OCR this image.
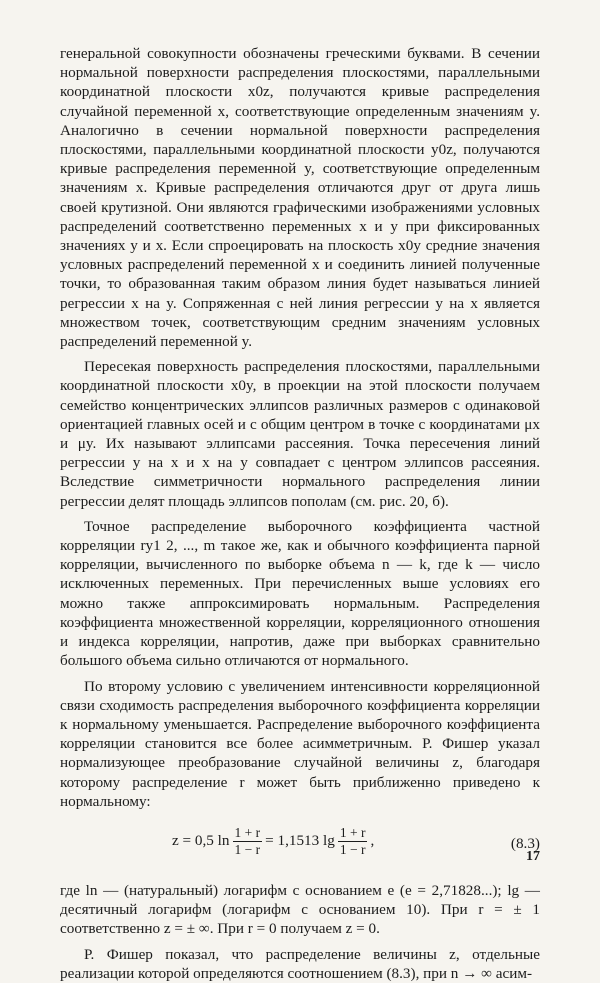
генеральной совокупности обозначены греческими буквами. В сечении нормальной поверхности распределения плоскостями, параллельными координатной плоскости x0z, получаются кривые распределения случайной переменной x, соответствующие определенным значениям y. Аналогично в сечении нормальной поверхности распределения плоскостями, параллельными координатной плоскости y0z, получаются кривые распределения переменной y, соответствующие определенным значениям x. Кривые распределения отличаются друг от друга лишь своей крутизной. Они являются графическими изображениями условных распределений соответственно переменных x и y при фиксированных значениях y и x. Если спроецировать на плоскость x0y средние значения условных распределений переменной x и соединить линией полученные точки, то образованная таким образом линия будет называться линией регрессии x на y. Сопряженная с ней линия регрессии y на x является множеством точек, соответствующим средним значениям условных распределений переменной y.

Пересекая поверхность распределения плоскостями, параллельными координатной плоскости x0y, в проекции на этой плоскости получаем семейство концентрических эллипсов различных размеров с одинаковой ориентацией главных осей и с общим центром в точке с координатами μx и μy. Их называют эллипсами рассеяния. Точка пересечения линий регрессии y на x и x на y совпадает с центром эллипсов рассеяния. Вследствие симметричности нормального распределения линии регрессии делят площадь эллипсов пополам (см. рис. 20, б).

Точное распределение выборочного коэффициента частной корреляции ry1 2, ..., m такое же, как и обычного коэффициента парной корреляции, вычисленного по выборке объема n — k, где k — число исключенных переменных. При перечисленных выше условиях его можно также аппроксимировать нормальным. Распределения коэффициента множественной корреляции, корреляционного отношения и индекса корреляции, напротив, даже при выборках сравнительно большого объема сильно отличаются от нормального.

По второму условию с увеличением интенсивности корреляционной связи сходимость распределения выборочного коэффициента корреляции к нормальному уменьшается. Распределение выборочного коэффициента корреляции становится все более асимметричным. Р. Фишер указал нормализующее преобразование случайной величины z, благодаря которому распределение r может быть приближенно приведено к нормальному:

z = 0,5 $\ln \frac{1 + r}{1 - r} = 1,1513$ $\lg \frac{1 + r}{1 - r}$ ,	(8.3)

где ln — (натуральный) логарифм с основанием е (е = 2,71828...); lg — десятичный логарифм (логарифм с основанием 10). При r = ± 1 соответственно z = ± ∞. При r = 0 получаем z = 0.

Р. Фишер показал, что распределение величины z, отдельные реализации которой определяются соотношением (8.3), при n → ∞ асим-

17
